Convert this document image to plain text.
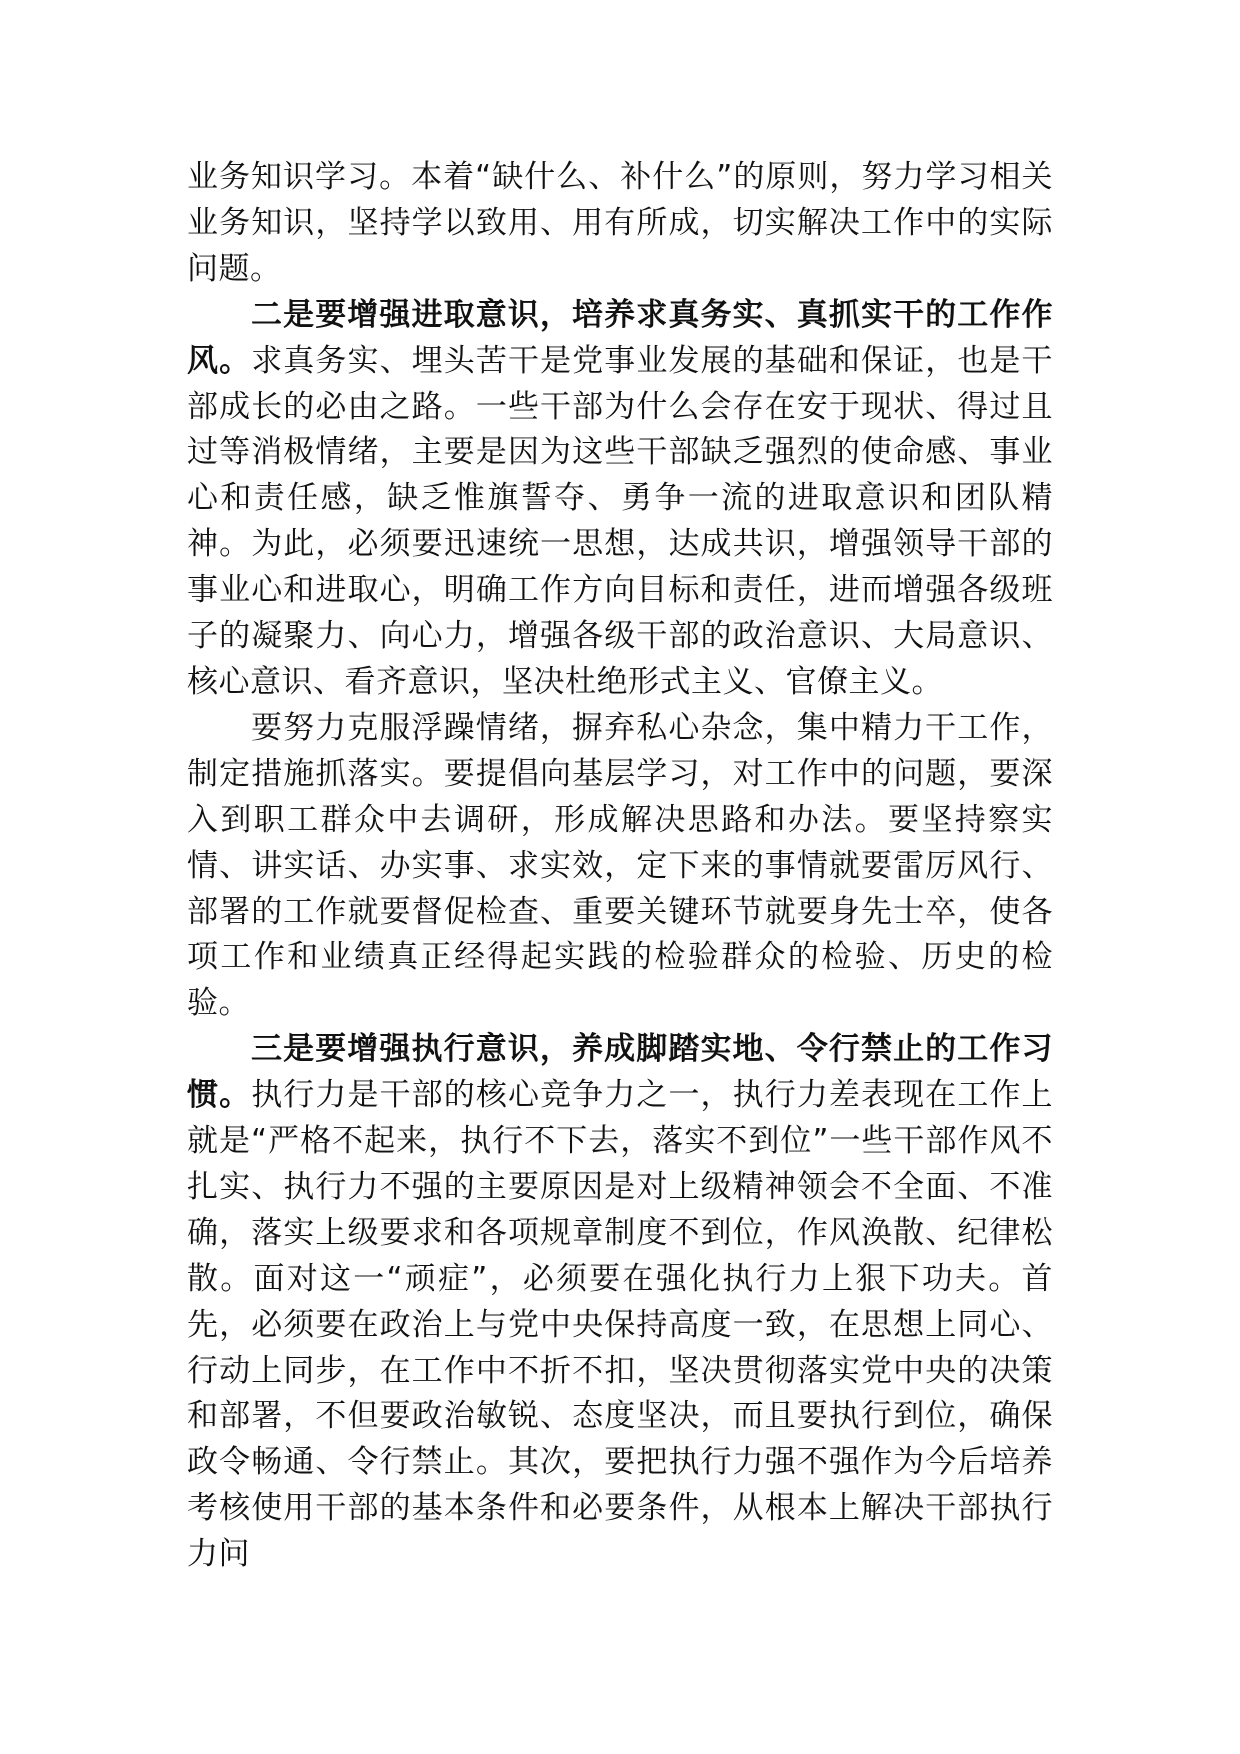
业务知识学习。本着“缺什么、补什么”的原则，努力学习相关业务知识，坚持学以致用、用有所成，切实解决工作中的实际问题。

二是要增强进取意识，培养求真务实、真抓实干的工作作风。求真务实、埋头苦干是党事业发展的基础和保证，也是干部成长的必由之路。一些干部为什么会存在安于现状、得过且过等消极情绪，主要是因为这些干部缺乏强烈的使命感、事业心和责任感，缺乏惟旗誓夺、勇争一流的进取意识和团队精神。为此，必须要迅速统一思想，达成共识，增强领导干部的事业心和进取心，明确工作方向目标和责任，进而增强各级班子的凝聚力、向心力，增强各级干部的政治意识、大局意识、核心意识、看齐意识，坚决杜绝形式主义、官僚主义。

要努力克服浮躁情绪，摒弃私心杂念，集中精力干工作，制定措施抓落实。要提倡向基层学习，对工作中的问题，要深入到职工群众中去调研，形成解决思路和办法。要坚持察实情、讲实话、办实事、求实效，定下来的事情就要雷厉风行、部署的工作就要督促检查、重要关键环节就要身先士卒，使各项工作和业绩真正经得起实践的检验群众的检验、历史的检验。

三是要增强执行意识，养成脚踏实地、令行禁止的工作习惯。执行力是干部的核心竞争力之一，执行力差表现在工作上就是“严格不起来，执行不下去，落实不到位”一些干部作风不扎实、执行力不强的主要原因是对上级精神领会不全面、不准确，落实上级要求和各项规章制度不到位，作风涣散、纪律松散。面对这一“顽症”，必须要在强化执行力上狠下功夫。首先，必须要在政治上与党中央保持高度一致，在思想上同心、行动上同步，在工作中不折不扣，坚决贯彻落实党中央的决策和部署，不但要政治敏锐、态度坚决，而且要执行到位，确保政令畅通、令行禁止。其次，要把执行力强不强作为今后培养考核使用干部的基本条件和必要条件，从根本上解决干部执行力问
